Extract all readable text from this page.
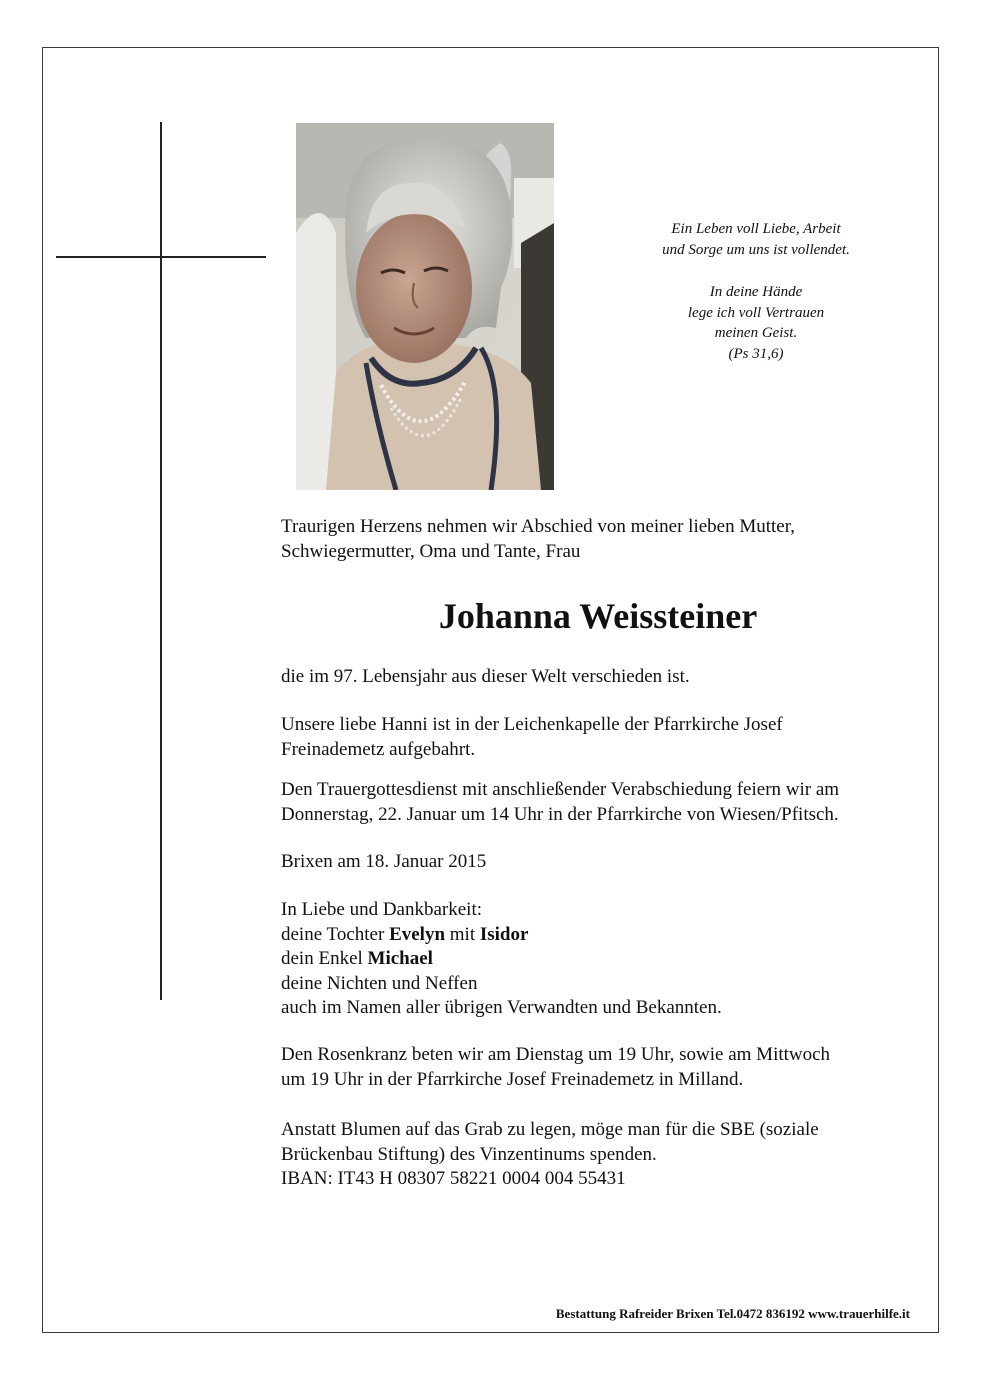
Ein Leben voll Liebe, Arbeit

und Sorge um uns ist vollendet.

In deine Hände

lege ich voll Vertrauen

meinen Geist.

(Ps 31,6)

Traurigen Herzens nehmen wir Abschied von meiner lieben Mutter,

Schwiegermutter, Oma und Tante, Frau

Johanna Weissteiner

die im 97. Lebensjahr aus dieser Welt verschieden ist.

Unsere liebe Hanni ist in der Leichenkapelle der Pfarrkirche Josef

Freinademetz aufgebahrt.

Den Trauergottesdienst mit anschließender Verabschiedung feiern wir am

Donnerstag, 22. Januar um 14 Uhr in der Pfarrkirche von Wiesen/Pfitsch.

Brixen am 18. Januar 2015

In Liebe und Dankbarkeit:

deine Tochter Evelyn mit Isidor

dein Enkel Michael

deine Nichten und Neffen

auch im Namen aller übrigen Verwandten und Bekannten.

Den Rosenkranz beten wir am Dienstag um 19 Uhr, sowie am Mittwoch

um 19 Uhr in der Pfarrkirche Josef Freinademetz in Milland.

Anstatt Blumen auf das Grab zu legen, möge man für die SBE (soziale

Brückenbau Stiftung) des Vinzentinums spenden.

IBAN: IT43 H 08307 58221 0004 004 55431

Bestattung Rafreider Brixen Tel.0472 836192 www.trauerhilfe.it
